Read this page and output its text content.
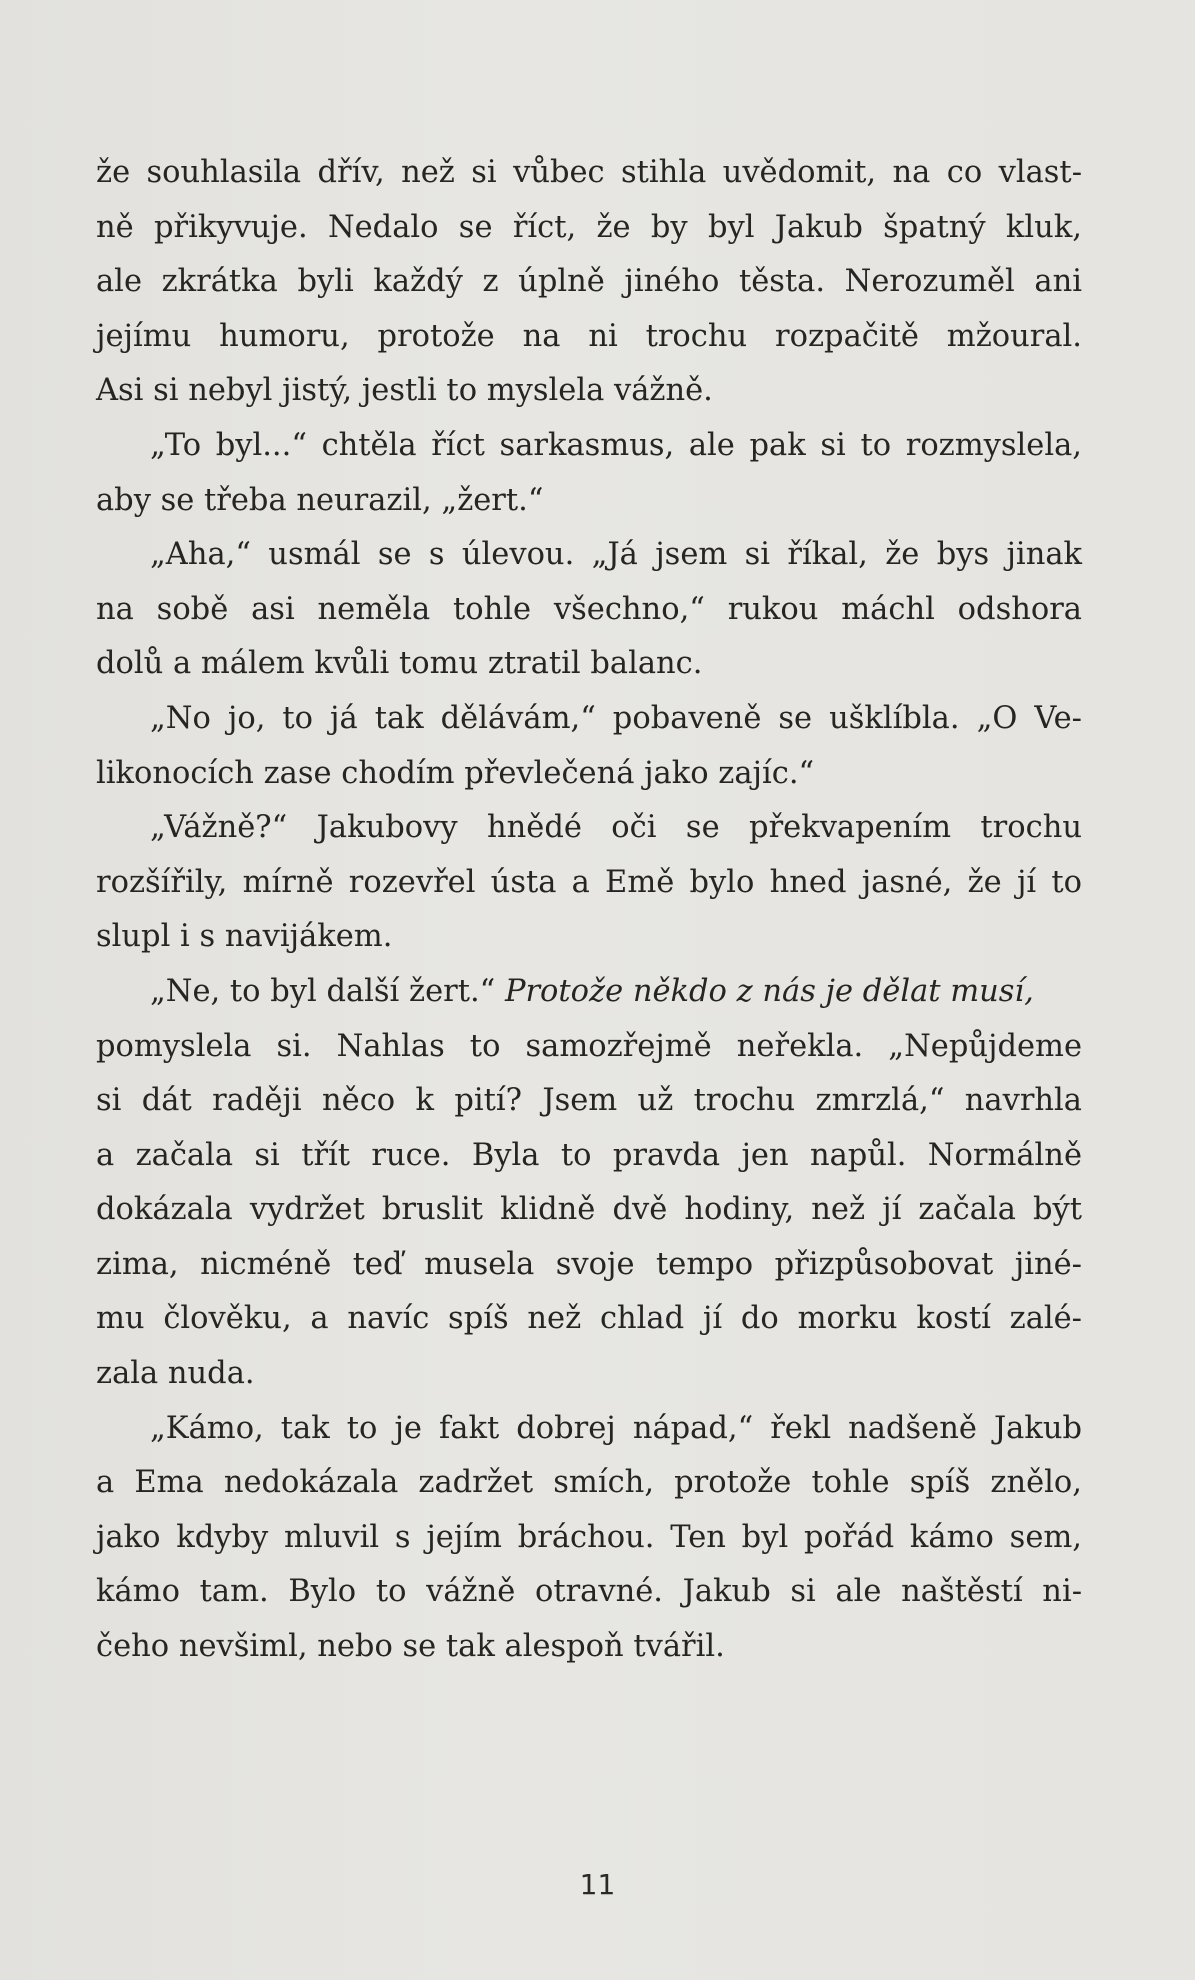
že souhlasila dřív, než si vůbec stihla uvědomit, na co vlast-
ně přikyvuje. Nedalo se říct, že by byl Jakub špatný kluk,
ale zkrátka byli každý z úplně jiného těsta. Nerozuměl ani
jejímu humoru, protože na ni trochu rozpačitě mžoural.
Asi si nebyl jistý, jestli to myslela vážně.
„To byl...“ chtěla říct sarkasmus, ale pak si to rozmyslela,
aby se třeba neurazil, „žert.“
„Aha,“ usmál se s úlevou. „Já jsem si říkal, že bys jinak
na sobě asi neměla tohle všechno,“ rukou máchl odshora
dolů a málem kvůli tomu ztratil balanc.
„No jo, to já tak dělávám,“ pobaveně se ušklíbla. „O Ve-
likonocích zase chodím převlečená jako zajíc.“
„Vážně?“ Jakubovy hnědé oči se překvapením trochu
rozšířily, mírně rozevřel ústa a Emě bylo hned jasné, že jí to
slupl i s navijákem.
„Ne, to byl další žert.“ Protože někdo z nás je dělat musí,
pomyslela si. Nahlas to samozřejmě neřekla. „Nepůjdeme
si dát raději něco k pití? Jsem už trochu zmrzlá,“ navrhla
a začala si třít ruce. Byla to pravda jen napůl. Normálně
dokázala vydržet bruslit klidně dvě hodiny, než jí začala být
zima, nicméně teď musela svoje tempo přizpůsobovat jiné-
mu člověku, a navíc spíš než chlad jí do morku kostí zalé-
zala nuda.
„Kámo, tak to je fakt dobrej nápad,“ řekl nadšeně Jakub
a Ema nedokázala zadržet smích, protože tohle spíš znělo,
jako kdyby mluvil s jejím bráchou. Ten byl pořád kámo sem,
kámo tam. Bylo to vážně otravné. Jakub si ale naštěstí ni-
čeho nevšiml, nebo se tak alespoň tvářil.
11
